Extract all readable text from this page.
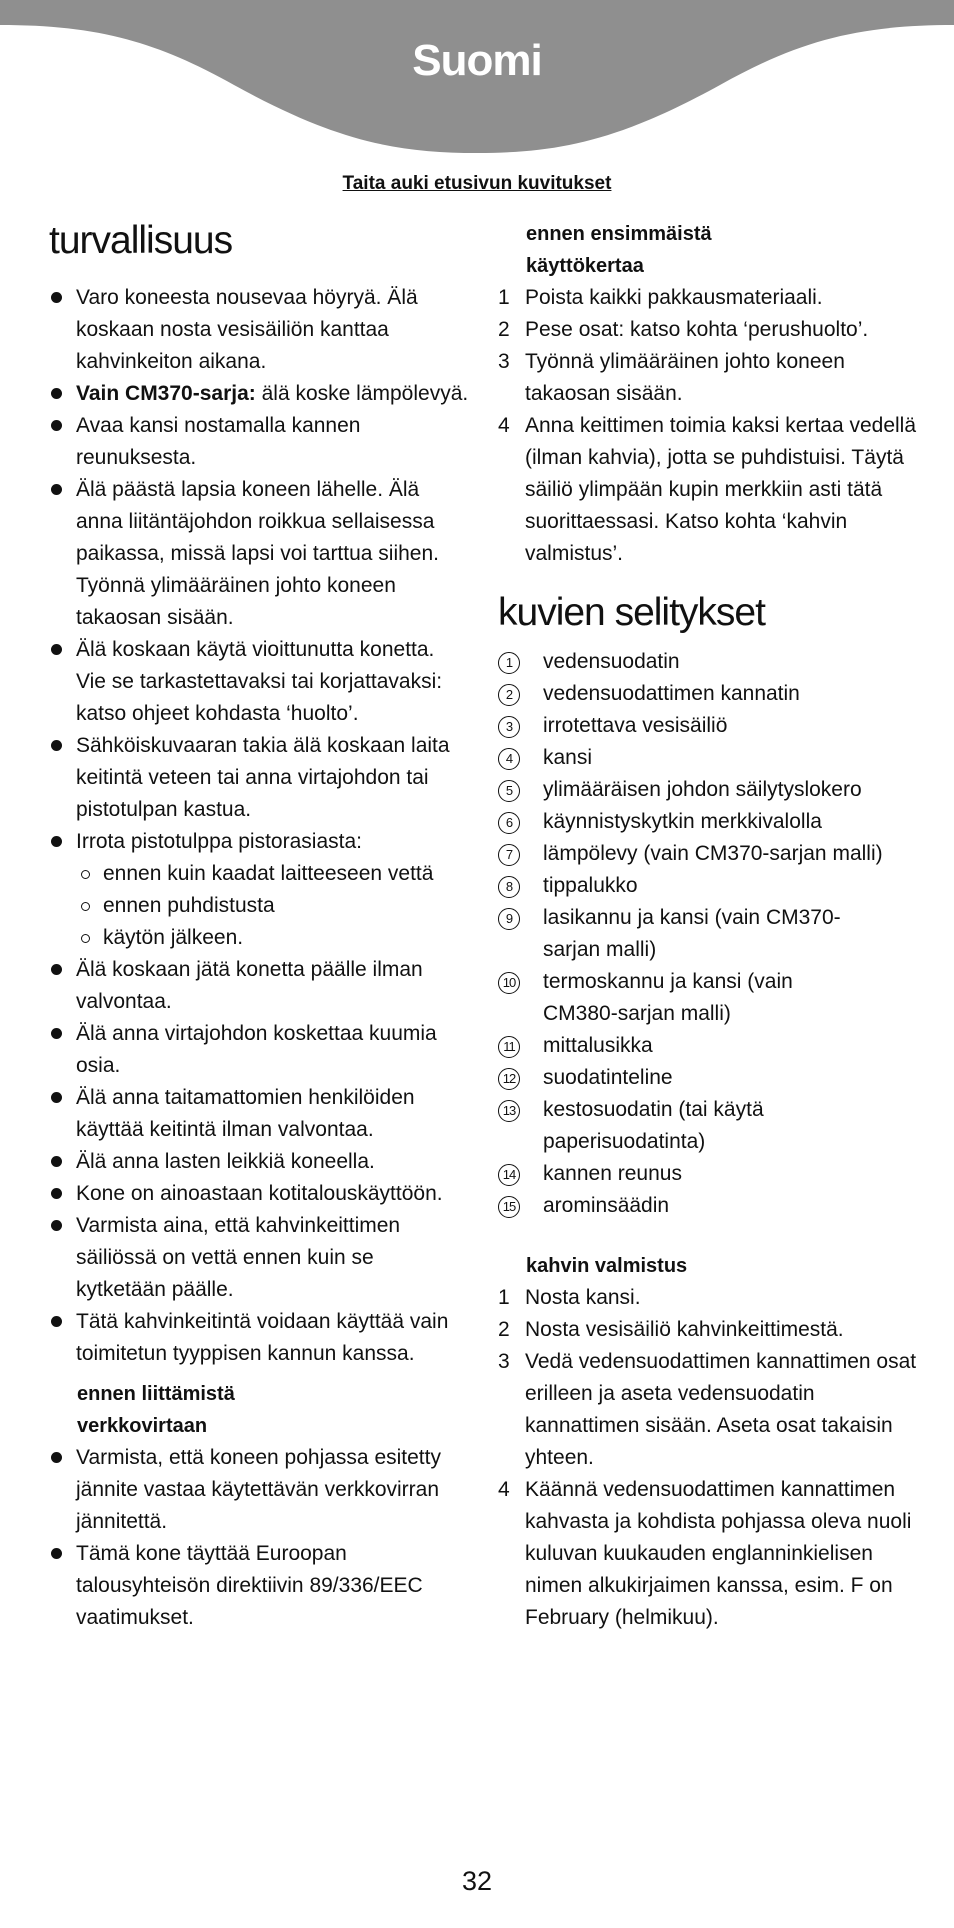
Suomi
Taita auki etusivun kuvitukset
turvallisuus
Varo koneesta nousevaa höyryä. Älä koskaan nosta vesisäiliön kanttaa kahvinkeiton aikana.
Vain CM370-sarja: älä koske lämpölevyä.
Avaa kansi nostamalla kannen reunuksesta.
Älä päästä lapsia koneen lähelle. Älä anna liitäntäjohdon roikkua sellaisessa paikassa, missä lapsi voi tarttua siihen. Työnnä ylimääräinen johto koneen takaosan sisään.
Älä koskaan käytä vioittunutta konetta. Vie se tarkastettavaksi tai korjattavaksi: katso ohjeet kohdasta ‘huolto’.
Sähköiskuvaaran takia älä koskaan laita keitintä veteen tai anna virtajohdon tai pistotulpan kastua.
Irrota pistotulppa pistorasiasta:
ennen kuin kaadat laitteeseen vettä
ennen puhdistusta
käytön jälkeen.
Älä koskaan jätä konetta päälle ilman valvontaa.
Älä anna virtajohdon koskettaa kuumia osia.
Älä anna taitamattomien henkilöiden käyttää keitintä ilman valvontaa.
Älä anna lasten leikkiä koneella.
Kone on ainoastaan kotitalouskäyttöön.
Varmista aina, että kahvinkeittimen säiliössä on vettä ennen kuin se kytketään päälle.
Tätä kahvinkeitintä voidaan käyttää vain toimitetun tyyppisen kannun kanssa.
ennen liittämistä verkkovirtaan
Varmista, että koneen pohjassa esitetty jännite vastaa käytettävän verkkovirran jännitettä.
Tämä kone täyttää Euroopan talousyhteisön direktiivin 89/336/EEC vaatimukset.
ennen ensimmäistä käyttökertaa
1 Poista kaikki pakkausmateriaali.
2 Pese osat: katso kohta ‘perushuolto’.
3 Työnnä ylimääräinen johto koneen takaosan sisään.
4 Anna keittimen toimia kaksi kertaa vedellä (ilman kahvia), jotta se puhdistuisi. Täytä säiliö ylimpään kupin merkkiin asti tätä suorittaessasi. Katso kohta ‘kahvin valmistus’.
kuvien selitykset
1	vedensuodatin
2	vedensuodattimen kannatin
3	irrotettava vesisäiliö
4	kansi
5	ylimääräisen johdon säilytyslokero
6	käynnistyskytkin merkkivalolla
7	lämpölevy (vain CM370-sarjan malli)
8	tippalukko
9	lasikannu ja kansi (vain CM370-sarjan malli)
10 termoskannu ja kansi (vain CM380-sarjan malli)
11 mittalusikka
12 suodatinteline
13 kestosuodatin (tai käytä paperisuodatinta)
14 kannen reunus
15 arominsäädin
kahvin valmistus
1 Nosta kansi.
2 Nosta vesisäiliö kahvinkeittimestä.
3 Vedä vedensuodattimen kannattimen osat erilleen ja aseta vedensuodatin kannattimen sisään. Aseta osat takaisin yhteen.
4 Käännä vedensuodattimen kannattimen kahvasta ja kohdista pohjassa oleva nuoli kuluvan kuukauden englanninkielisen nimen alkukirjaimen kanssa, esim. F on February (helmikuu).
32
